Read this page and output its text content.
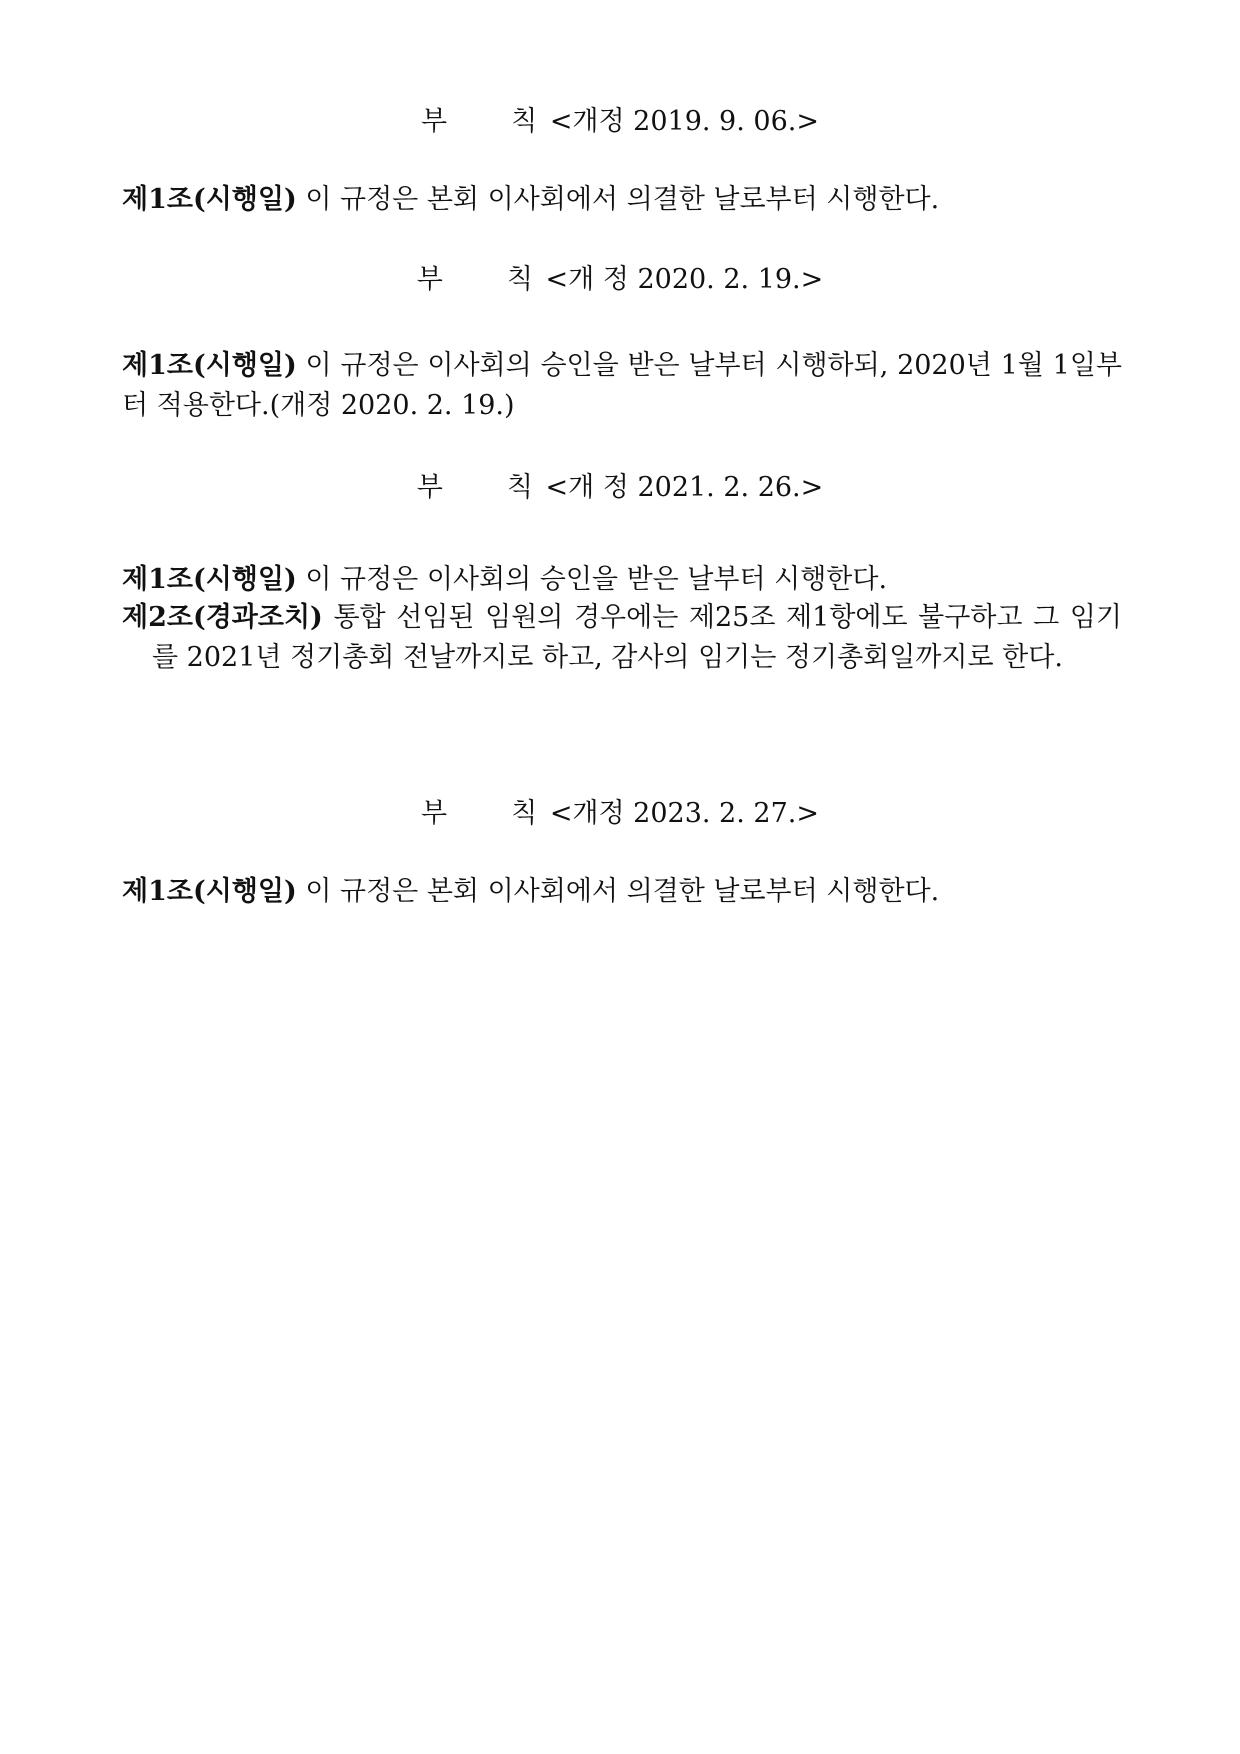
부 칙 <개정 2019. 9. 06.>
제1조(시행일) 이 규정은 본회 이사회에서 의결한 날로부터 시행한다.
부 칙 <개 정 2020. 2. 19.>
제1조(시행일) 이 규정은 이사회의 승인을 받은 날부터 시행하되, 2020년 1월 1일부터 적용한다.(개정 2020. 2. 19.)
부 칙 <개 정 2021. 2. 26.>
제1조(시행일) 이 규정은 이사회의 승인을 받은 날부터 시행한다.
제2조(경과조치) 통합 선임된 임원의 경우에는 제25조 제1항에도 불구하고 그 임기를 2021년 정기총회 전날까지로 하고, 감사의 임기는 정기총회일까지로 한다.
부 칙 <개정 2023. 2. 27.>
제1조(시행일) 이 규정은 본회 이사회에서 의결한 날로부터 시행한다.
